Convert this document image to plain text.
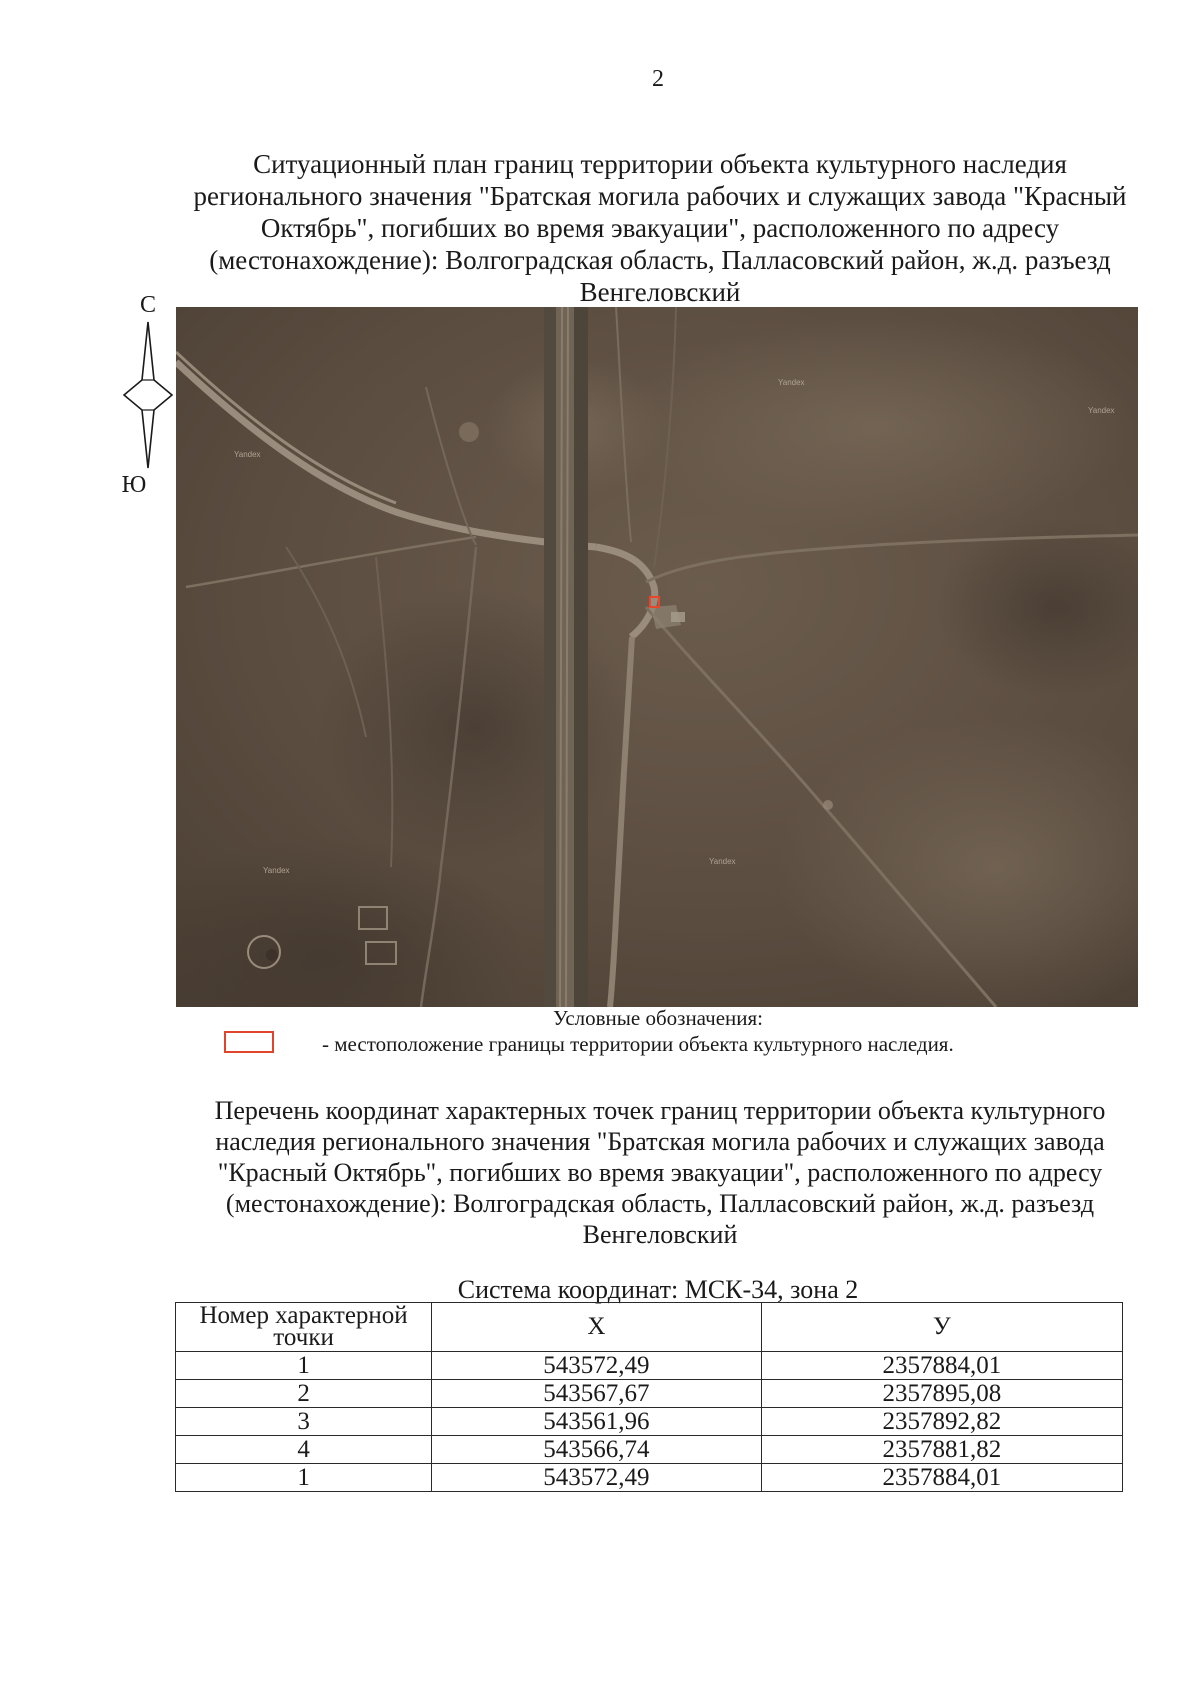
2
Ситуационный план границ территории объекта культурного наследия регионального значения "Братская могила рабочих и служащих завода "Красный Октябрь", погибших во время эвакуации", расположенного по адресу (местонахождение): Волгоградская область, Палласовский район, ж.д. разъезд Венгеловский
С
Ю
Yandex
Yandex
Yandex
Yandex
Yandex
Условные обозначения:
- местоположение границы территории объекта культурного наследия.
Перечень координат характерных точек границ территории объекта культурного наследия регионального значения "Братская могила рабочих и служащих завода "Красный Октябрь", погибших во время эвакуации", расположенного по адресу (местонахождение): Волгоградская область, Палласовский район, ж.д. разъезд Венгеловский
Система координат: МСК-34, зона 2
Номер характерной точки	X	У
1	543572,49	2357884,01
2	543567,67	2357895,08
3	543561,96	2357892,82
4	543566,74	2357881,82
1	543572,49	2357884,01
